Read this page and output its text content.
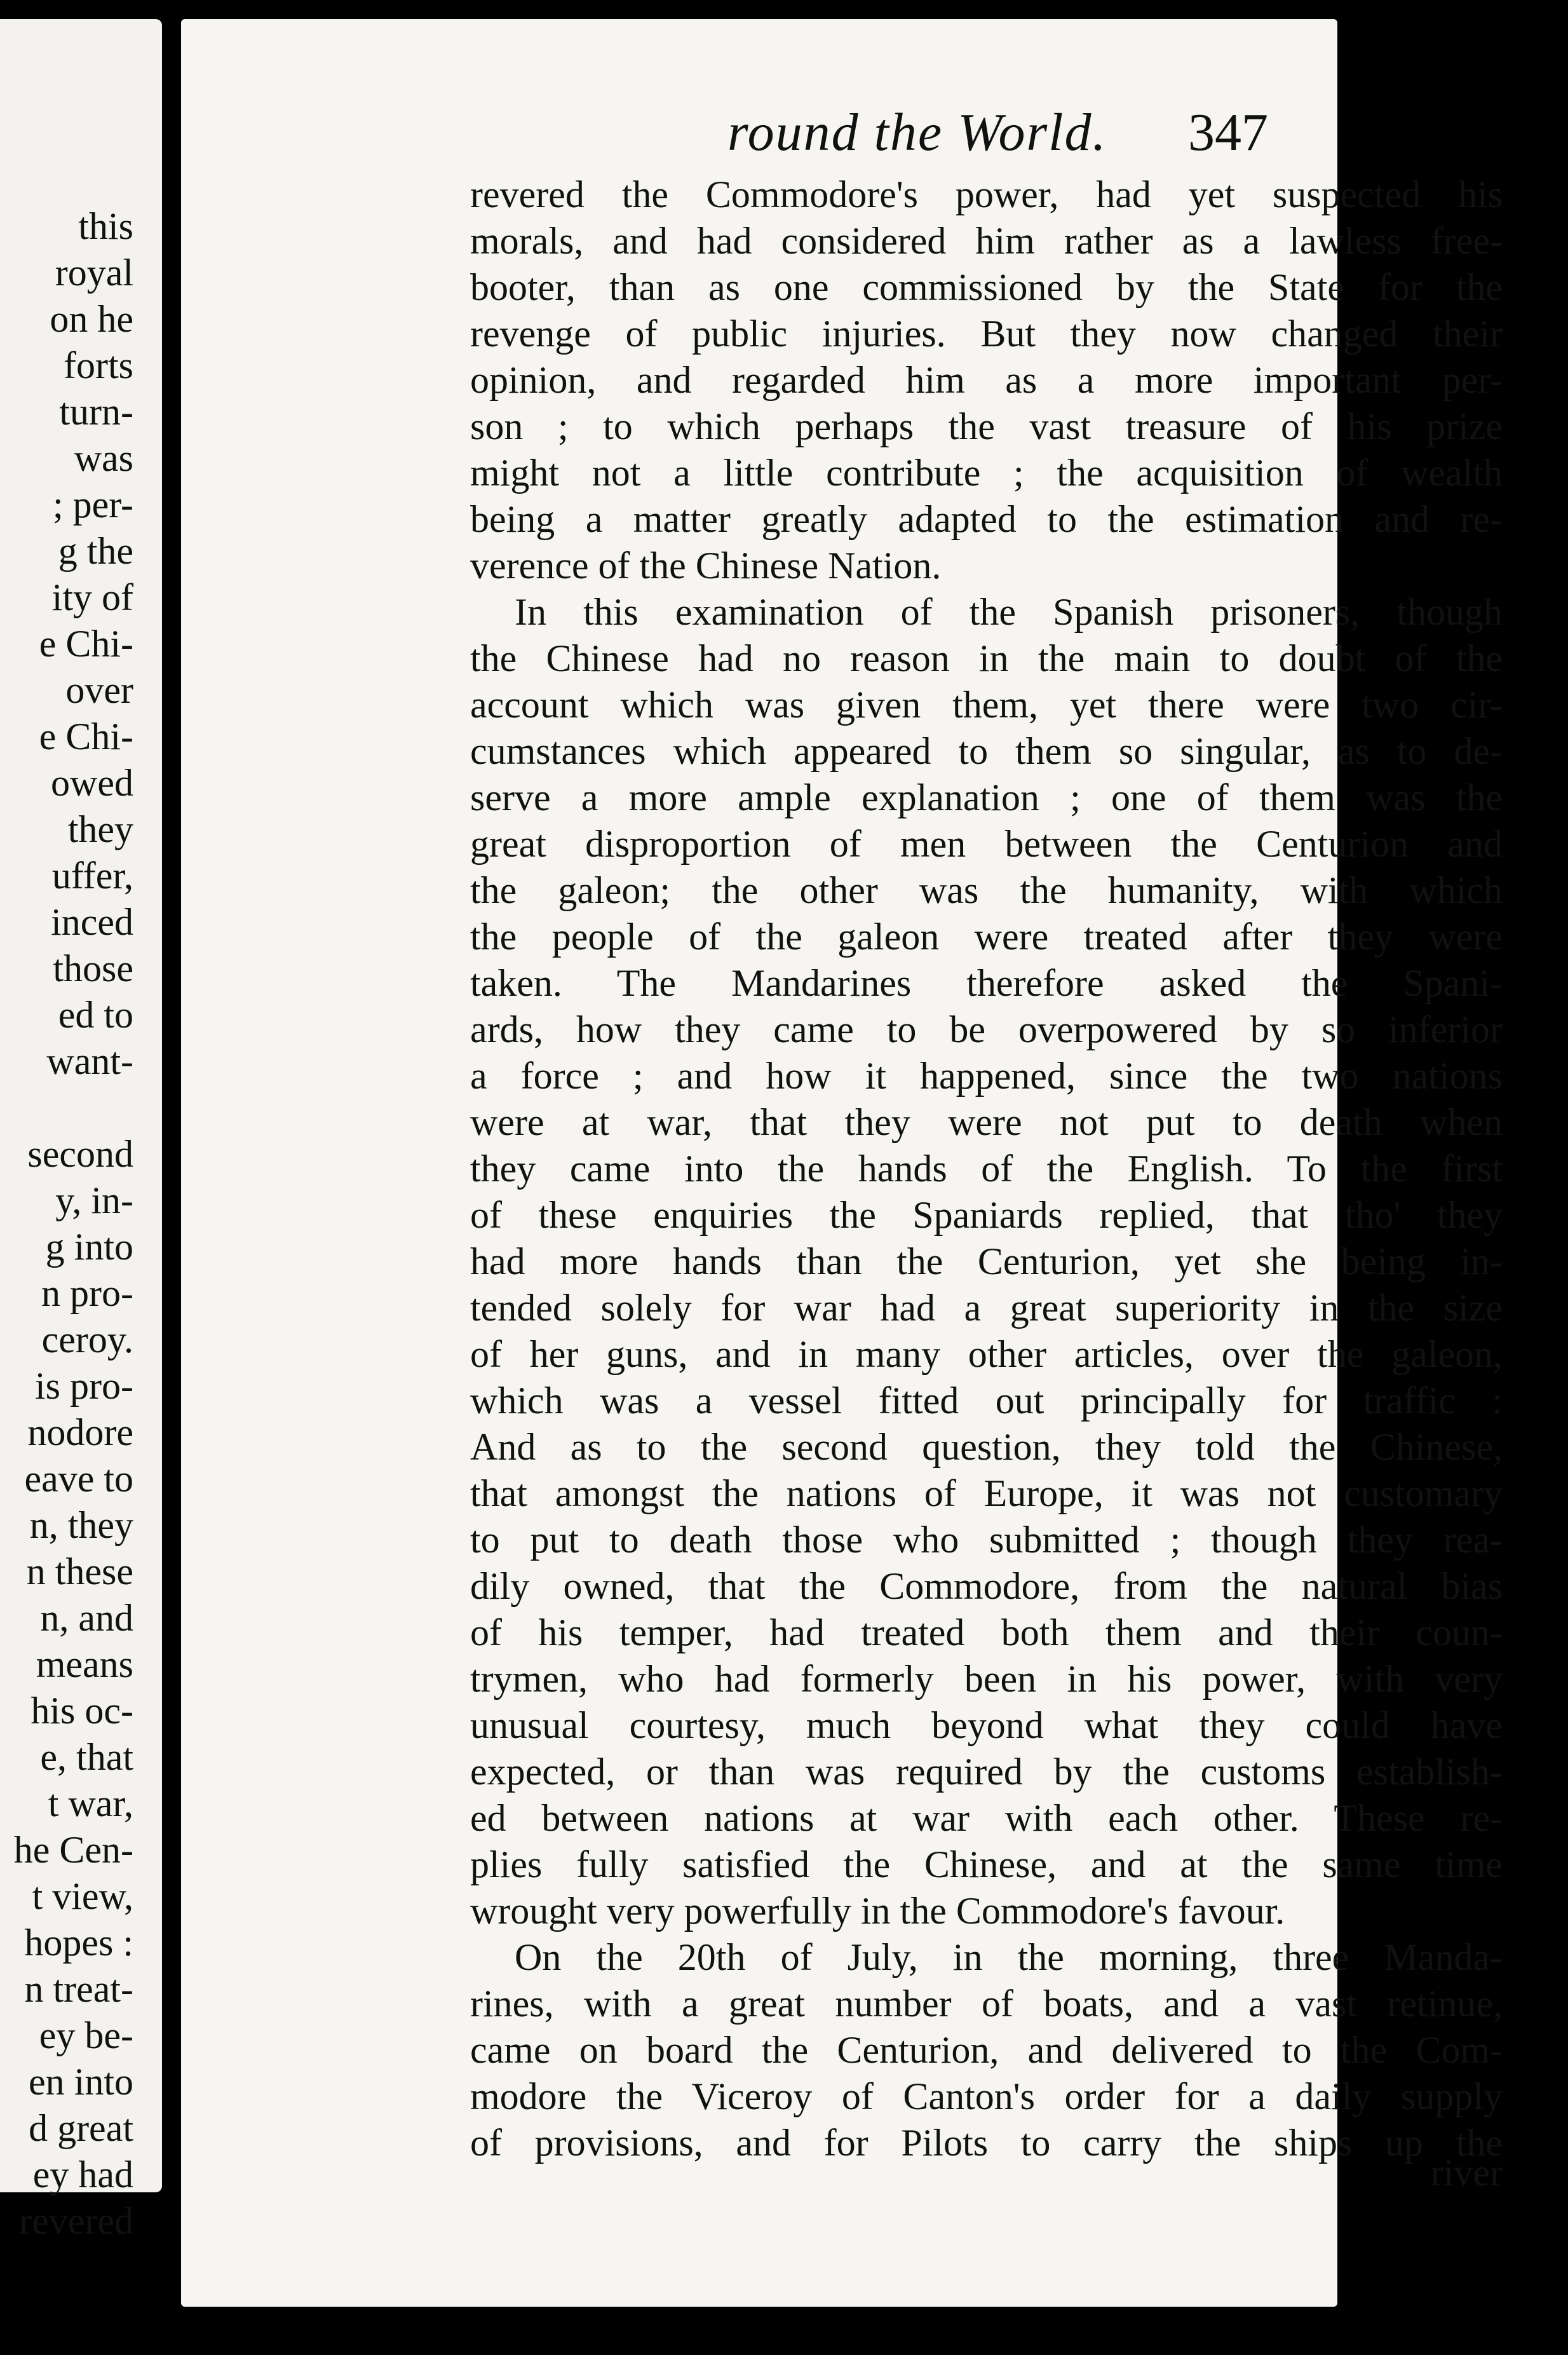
this
royal
on he
forts
turn-
was
; per-
g the
ity of
e Chi-
over
e Chi-
owed
they
uffer,
inced
those
ed to
want-
second
y, in-
g into
n pro-
ceroy.
is pro-
nodore
eave to
n, they
n these
n, and
means
his oc-
e, that
t war,
he Cen-
t view,
hopes :
n treat-
ey be-
en into
d great
ey had
revered
round the World. 347
revered the Commodore's power, had yet suspected his
morals, and had considered him rather as a lawless free-
booter, than as one commissioned by the State for the
revenge of public injuries. But they now changed their
opinion, and regarded him as a more important per-
son ; to which perhaps the vast treasure of his prize
might not a little contribute ; the acquisition of wealth
being a matter greatly adapted to the estimation and re-
verence of the Chinese Nation.
In this examination of the Spanish prisoners, though
the Chinese had no reason in the main to doubt of the
account which was given them, yet there were two cir-
cumstances which appeared to them so singular, as to de-
serve a more ample explanation ; one of them was the
great disproportion of men between the Centurion and
the galeon; the other was the humanity, with which
the people of the galeon were treated after they were
taken. The Mandarines therefore asked the Spani-
ards, how they came to be overpowered by so inferior
a force ; and how it happened, since the two nations
were at war, that they were not put to death when
they came into the hands of the English. To the first
of these enquiries the Spaniards replied, that tho' they
had more hands than the Centurion, yet she being in-
tended solely for war had a great superiority in the size
of her guns, and in many other articles, over the galeon,
which was a vessel fitted out principally for traffic :
And as to the second question, they told the Chinese,
that amongst the nations of Europe, it was not customary
to put to death those who submitted ; though they rea-
dily owned, that the Commodore, from the natural bias
of his temper, had treated both them and their coun-
trymen, who had formerly been in his power, with very
unusual courtesy, much beyond what they could have
expected, or than was required by the customs establish-
ed between nations at war with each other. These re-
plies fully satisfied the Chinese, and at the same time
wrought very powerfully in the Commodore's favour.
On the 20th of July, in the morning, three Manda-
rines, with a great number of boats, and a vast retinue,
came on board the Centurion, and delivered to the Com-
modore the Viceroy of Canton's order for a daily supply
of provisions, and for Pilots to carry the ships up the
river
